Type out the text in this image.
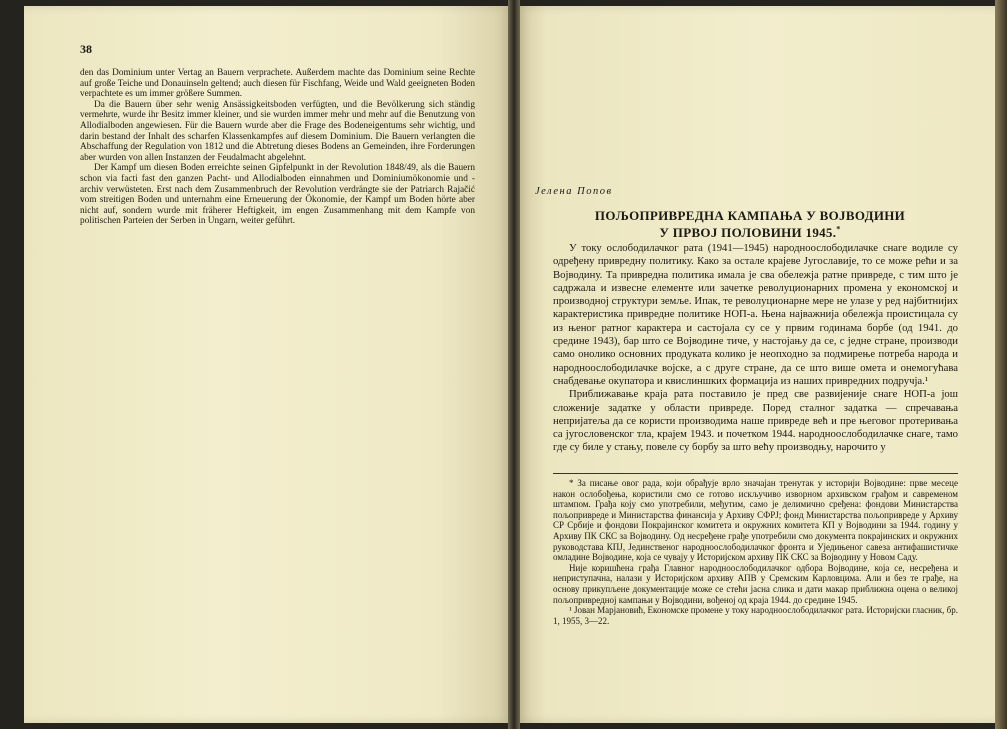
38

den das Dominium unter Vertag an Bauern verprachete. Außerdem machte das Dominium seine Rechte auf große Teiche und Donauinseln geltend; auch diesen für Fischfang, Weide und Wald geeigneten Boden verpachtete es um immer größere Summen.

Da die Bauern über sehr wenig Ansässigkeitsboden verfügten, und die Bevölkerung sich ständig vermehrte, wurde ihr Besitz immer kleiner, und sie wurden immer mehr und mehr auf die Benutzung von Allodialboden angewiesen. Für die Bauern wurde aber die Frage des Bodeneigentums sehr wichtig, und darin bestand der Inhalt des scharfen Klassenkampfes auf diesem Dominium. Die Bauern verlangten die Abschaffung der Regulation von 1812 und die Abtretung dieses Bodens an Gemeinden, ihre Forderungen aber wurden von allen Instanzen der Feudalmacht abgelehnt.

Der Kampf um diesen Boden erreichte seinen Gipfelpunkt in der Revolution 1848/49, als die Bauern schon via facti fast den ganzen Pacht- und Allodialboden einnahmen und Dominiumökonomie und -archiv verwüsteten. Erst nach dem Zusammenbruch der Revolution verdrängte sie der Patriarch Rajačić vom streitigen Boden und unternahm eine Erneuerung der Ökonomie, der Kampf um Boden hörte aber nicht auf, sondern wurde mit fräherer Heftigkeit, im engen Zusammenhang mit dem Kampfe von politischen Parteien der Serben in Ungarn, weiter geführt.

Јелена Попов
ПОЉОПРИВРЕДНА КАМПАЊА У ВОЈВОДИНИ
У ПРВОЈ ПОЛОВИНИ 1945.*

У току ослободилачког рата (1941—1945) народноослободилачке снаге водиле су одређену привредну политику. Како за остале крајеве Југославије, то се може рећи и за Војводину. Та привредна политика имала је сва обележја ратне привреде, с тим што је садржала и извесне елементе или зачетке револуционарних промена у економској и производној структури земље. Ипак, те револуционарне мере не улазе у ред најбитнијих карактеристика привредне политике НОП-а. Њена најважнија обележја проистицала су из њеног ратног карактера и састојала су се у првим годинама борбе (од 1941. до средине 1943), бар што се Војводине тиче, у настојању да се, с једне стране, производи само онолико основних продуката колико је неопходно за подмирење потреба народа и народноослободилачке војске, а с друге стране, да се што више омета и онемогућава снабдевање окупатора и квислиншких формација из наших привредних подручја.¹

Приближавање краја рата поставило је пред све развијеније снаге НОП-а још сложеније задатке у области привреде. Поред сталног задатка — спречавања непријатеља да се користи производима наше привреде већ и пре његовог протеривања са југословенског тла, крајем 1943. и почетком 1944. народноослободилачке снаге, тамо где су биле у стању, повеле су борбу за што већу производњу, нарочито у

* За писање овог рада, који обрађује врло значајан тренутак у историји Војводине: прве месеце након ослобођења, користили смо се готово искључиво изворном архивском грађом и савременом штампом. Грађа коју смо употребили, међутим, само је делимично сређена: фондови Министарства пољопривреде и Министарства финансија у Архиву СФРЈ; фонд Министарства пољопривреде у Архиву СР Србије и фондови Покрајинског комитета и окружних комитета КП у Војводини за 1944. годину у Архиву ПК СКС за Војводину. Од несређене грађе употребили смо документа покрајинских и окружних руководстава КПЈ, Јединственог народноослободилачког фронта и Уједињеног савеза антифашистичке омладине Војводине, која се чувају у Историјском архиву ПК СКС за Војводину у Новом Саду.

Није коришћена грађа Главног народноослободилачког одбора Војводине, која се, несређена и неприступачна, налази у Историјском архиву АПВ у Сремским Карловцима. Али и без те грађе, на основу прикупљене документације може се стећи јасна слика и дати макар приближна оцена о великој пољопривредној кампањи у Војводини, вођеној од краја 1944. до средине 1945.

¹ Јован Марјановић, Економске промене у току народноослободилачког рата. Историјски гласник, бр. 1, 1955, 3—22.
